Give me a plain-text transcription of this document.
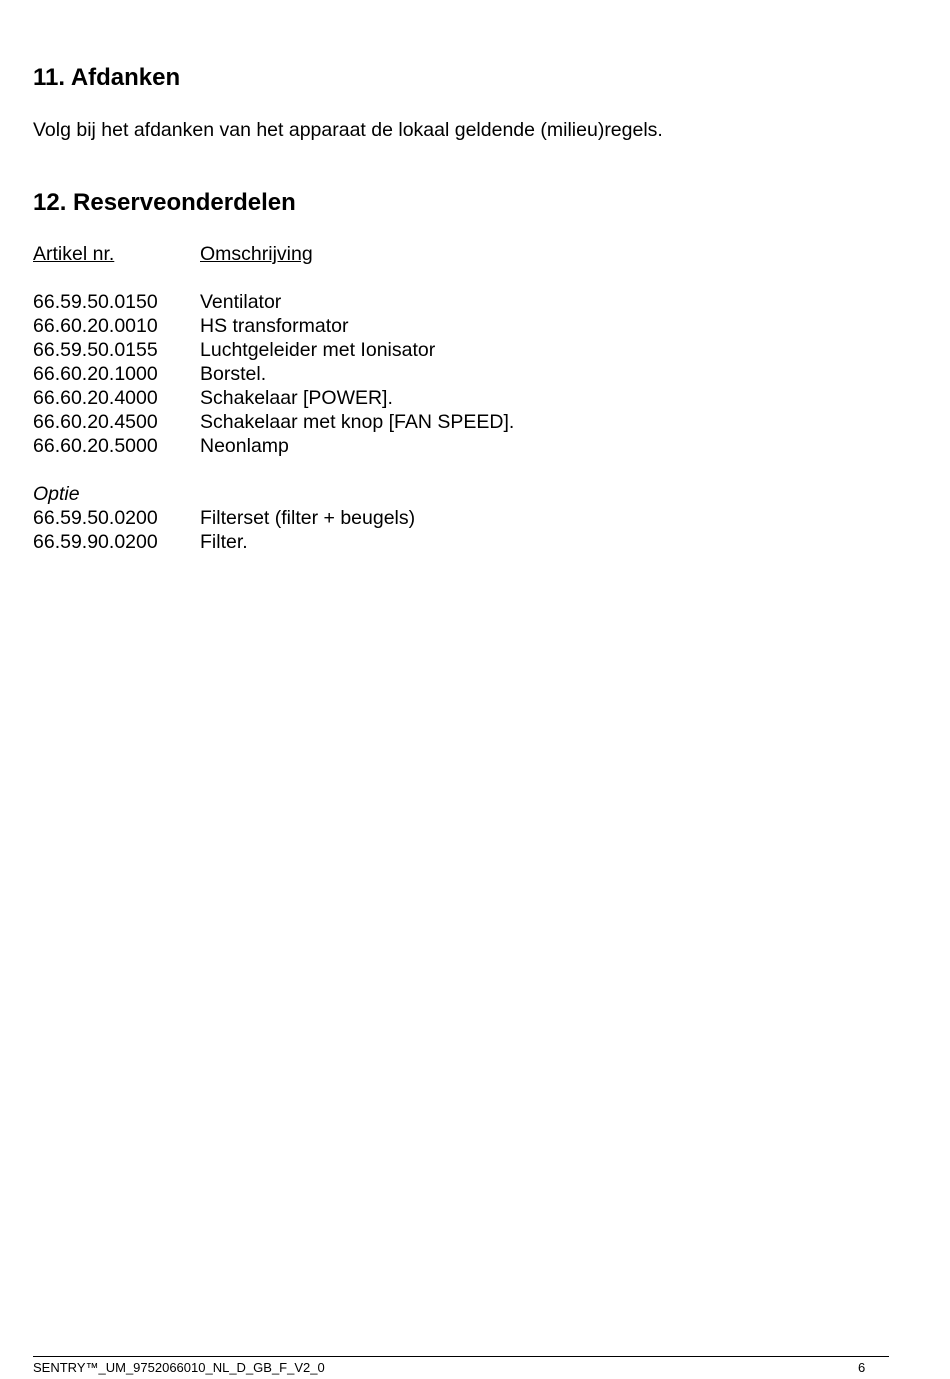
11. Afdanken

Volg bij het afdanken van het apparaat de lokaal geldende (milieu)regels.

12. Reserveonderdelen
Artikel nr.	Omschrijving
66.59.50.0150 Ventilator
66.60.20.0010 HS transformator
66.59.50.0155 Luchtgeleider met Ionisator
66.60.20.1000 Borstel.
66.60.20.4000 Schakelaar [POWER].
66.60.20.4500 Schakelaar met knop [FAN SPEED].
66.60.20.5000 Neonlamp
Optie
66.59.50.0200 Filterset (filter + beugels)
66.59.90.0200 Filter.
SENTRY™_UM_9752066010_NL_D_GB_F_V2_0	6
